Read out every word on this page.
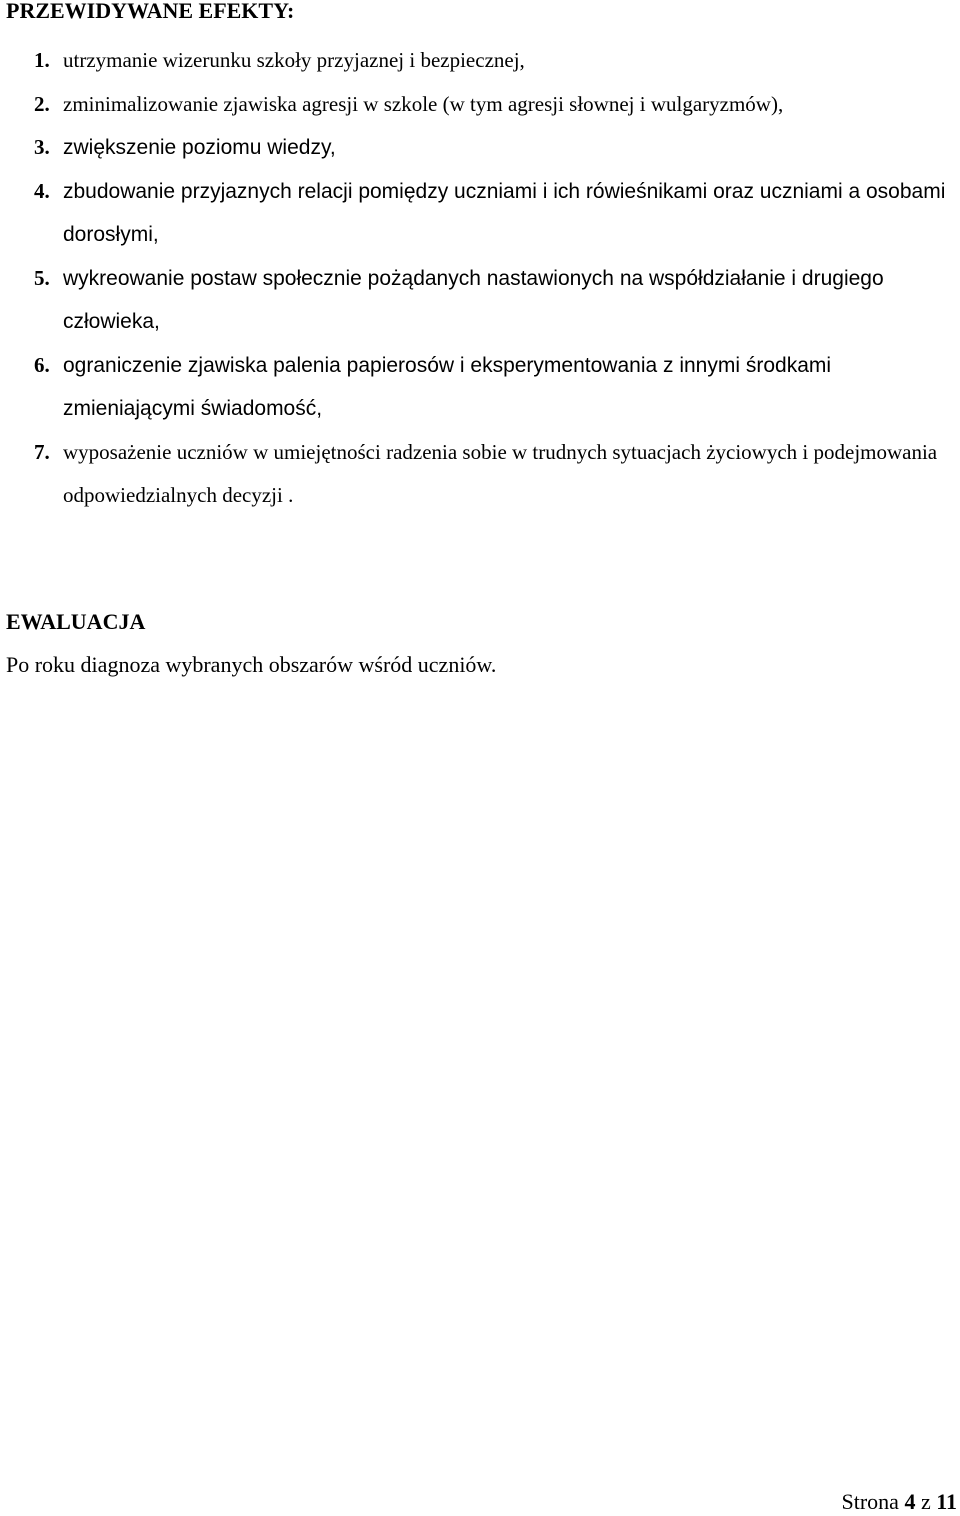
PRZEWIDYWANE EFEKTY:
1. utrzymanie wizerunku szkoły przyjaznej i bezpiecznej,
2. zminimalizowanie zjawiska agresji w szkole (w tym agresji słownej i wulgaryzmów),
3. zwiększenie poziomu wiedzy,
4. zbudowanie przyjaznych relacji pomiędzy uczniami i ich rówieśnikami oraz uczniami a osobami dorosłymi,
5. wykreowanie postaw społecznie pożądanych nastawionych na współdziałanie i drugiego człowieka,
6. ograniczenie zjawiska palenia papierosów i eksperymentowania z innymi środkami zmieniającymi świadomość,
7. wyposażenie uczniów w umiejętności radzenia sobie w trudnych sytuacjach życiowych i podejmowania odpowiedzialnych decyzji .
EWALUACJA
Po roku diagnoza wybranych obszarów wśród uczniów.
Strona 4 z 11
